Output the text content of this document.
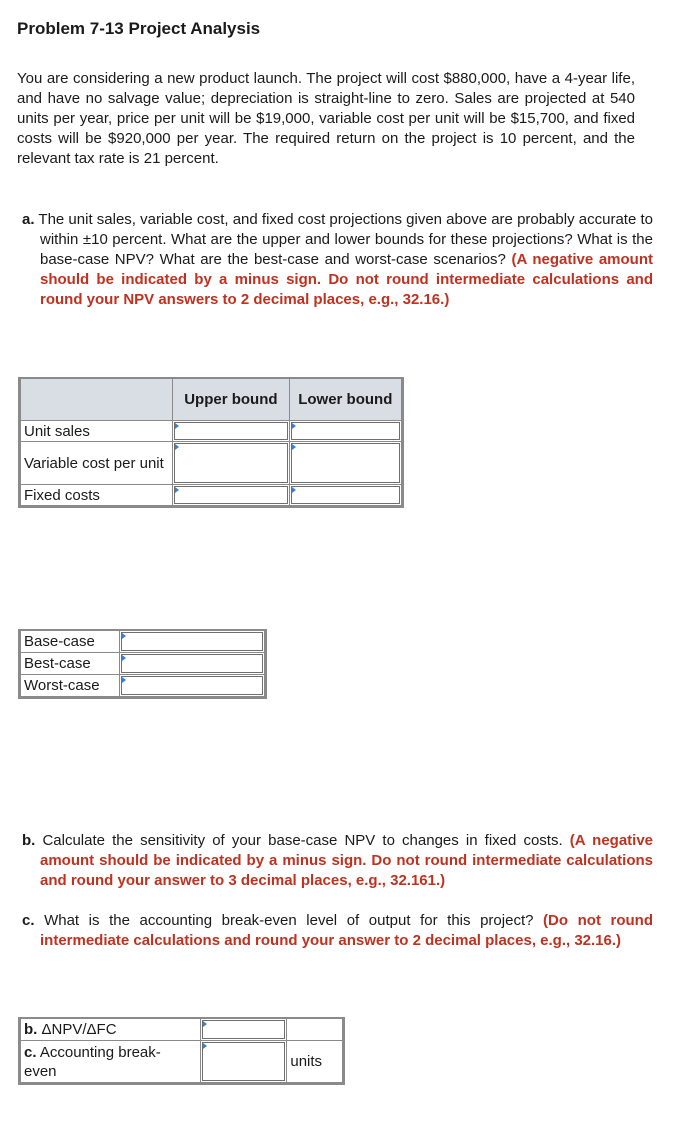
Problem 7-13 Project Analysis
You are considering a new product launch. The project will cost $880,000, have a 4-year life, and have no salvage value; depreciation is straight-line to zero. Sales are projected at 540 units per year, price per unit will be $19,000, variable cost per unit will be $15,700, and fixed costs will be $920,000 per year. The required return on the project is 10 percent, and the relevant tax rate is 21 percent.
a. The unit sales, variable cost, and fixed cost projections given above are probably accurate to within ±10 percent. What are the upper and lower bounds for these projections? What is the base-case NPV? What are the best-case and worst-case scenarios? (A negative amount should be indicated by a minus sign. Do not round intermediate calculations and round your NPV answers to 2 decimal places, e.g., 32.16.)
	Upper bound	Lower bound
Unit sales	

Variable cost per unit	

Fixed costs	

Base-case	

Best-case	

Worst-case	
b. Calculate the sensitivity of your base-case NPV to changes in fixed costs. (A negative amount should be indicated by a minus sign. Do not round intermediate calculations and round your answer to 3 decimal places, e.g., 32.161.)
c. What is the accounting break-even level of output for this project? (Do not round intermediate calculations and round your answer to 2 decimal places, e.g., 32.16.)
b. ΔNPV/ΔFC	

c. Accounting break-
even		units
